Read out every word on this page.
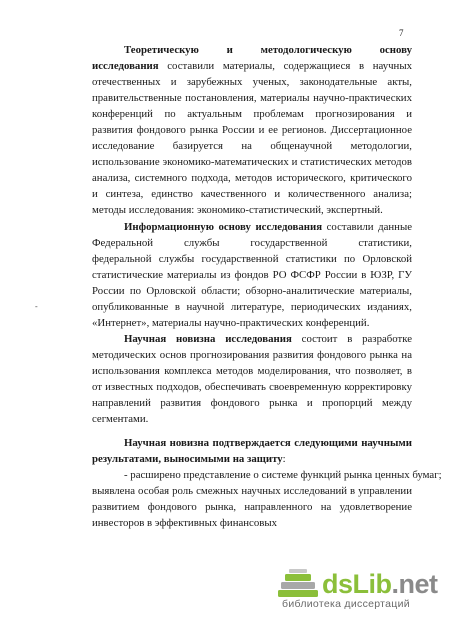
7
-
Теоретическую и методологическую основу
исследования составили материалы, содержащиеся в научных
отечественных и зарубежных ученых, законодательные акты,
правительственные постановления, материалы научно-практических
конференций по актуальным проблемам прогнозирования и
развития фондового рынка России и ее регионов. Диссертационное
исследование базируется на общенаучной методологии,
использование экономико-математических и статистических методов
анализа, системного подхода, методов исторического, критического
и синтеза, единство качественного и количественного анализа;
методы исследования: экономико-статистический, экспертный.
Информационную основу исследования составили данные
Федеральной службы государственной статистики,
федеральной службы государственной статистики по Орловской
статистические материалы из фондов РО ФСФР России в ЮЗР, ГУ
России по Орловской области; обзорно-аналитические материалы,
опубликованные в научной литературе, периодических изданиях,
«Интернет», материалы научно-практических конференций.
Научная новизна исследования состоит в разработке
методических основ прогнозирования развития фондового рынка на
использования комплекса методов моделирования, что позволяет, в
от известных подходов, обеспечивать своевременную корректировку
направлений развития фондового рынка и пропорций между
сегментами.
Научная новизна подтверждается следующими научными
результатами, выносимыми на защиту:
- расширено представление о системе функций рынка ценных бумаг;
выявлена особая роль смежных научных исследований в управлении
развитием фондового рынка, направленного на удовлетворение
инвесторов в эффективных финансовых
dsLib.net
библиотека диссертаций
